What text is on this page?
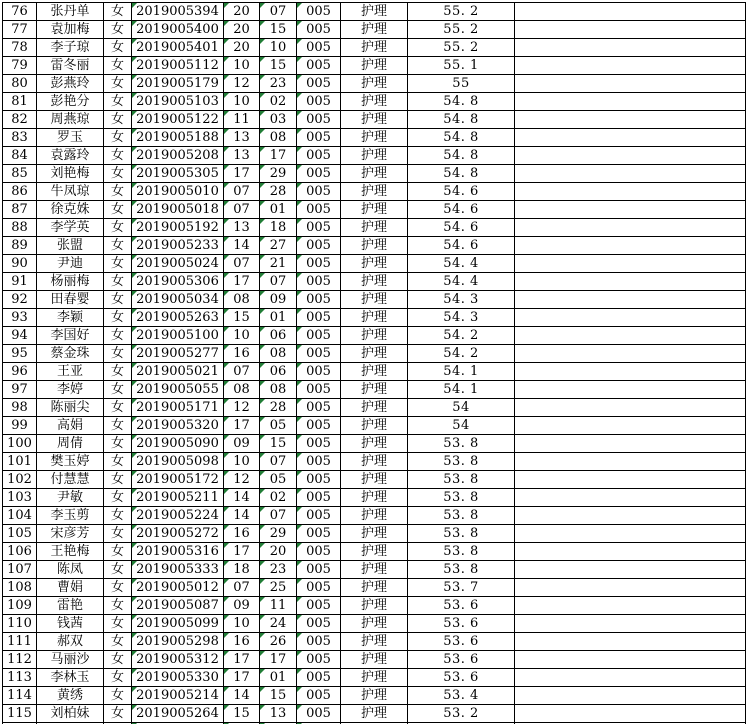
76	张丹单	女	2019005394	20	07	005	护理	55. 2	
77	袁加梅	女	2019005400	20	15	005	护理	55. 2	
78	李子琼	女	2019005401	20	10	005	护理	55. 2	
79	雷冬丽	女	2019005112	10	15	005	护理	55. 1	
80	彭燕玲	女	2019005179	12	23	005	护理	55	
81	彭艳分	女	2019005103	10	02	005	护理	54. 8	
82	周燕琼	女	2019005122	11	03	005	护理	54. 8	
83	罗玉	女	2019005188	13	08	005	护理	54. 8	
84	袁露玲	女	2019005208	13	17	005	护理	54. 8	
85	刘艳梅	女	2019005305	17	29	005	护理	54. 8	
86	牛凤琼	女	2019005010	07	28	005	护理	54. 6	
87	徐克姝	女	2019005018	07	01	005	护理	54. 6	
88	李学英	女	2019005192	13	18	005	护理	54. 6	
89	张盟	女	2019005233	14	27	005	护理	54. 6	
90	尹迪	女	2019005024	07	21	005	护理	54. 4	
91	杨丽梅	女	2019005306	17	07	005	护理	54. 4	
92	田春婴	女	2019005034	08	09	005	护理	54. 3	
93	李颖	女	2019005263	15	01	005	护理	54. 3	
94	李国好	女	2019005100	10	06	005	护理	54. 2	
95	蔡金珠	女	2019005277	16	08	005	护理	54. 2	
96	王亚	女	2019005021	07	06	005	护理	54. 1	
97	李婷	女	2019005055	08	08	005	护理	54. 1	
98	陈丽尖	女	2019005171	12	28	005	护理	54	
99	高娟	女	2019005320	17	05	005	护理	54	
100	周倩	女	2019005090	09	15	005	护理	53. 8	
101	樊玉婷	女	2019005098	10	07	005	护理	53. 8	
102	付慧慧	女	2019005172	12	05	005	护理	53. 8	
103	尹敏	女	2019005211	14	02	005	护理	53. 8	
104	李玉剪	女	2019005224	14	07	005	护理	53. 8	
105	宋彦芳	女	2019005272	16	29	005	护理	53. 8	
106	王艳梅	女	2019005316	17	20	005	护理	53. 8	
107	陈凤	女	2019005333	18	23	005	护理	53. 8	
108	曹娟	女	2019005012	07	25	005	护理	53. 7	
109	雷艳	女	2019005087	09	11	005	护理	53. 6	
110	钱茜	女	2019005099	10	24	005	护理	53. 6	
111	郝双	女	2019005298	16	26	005	护理	53. 6	
112	马丽沙	女	2019005312	17	17	005	护理	53. 6	
113	李林玉	女	2019005330	17	01	005	护理	53. 6	
114	黄绣	女	2019005214	14	15	005	护理	53. 4	
115	刘柏妹	女	2019005264	15	13	005	护理	53. 2	
